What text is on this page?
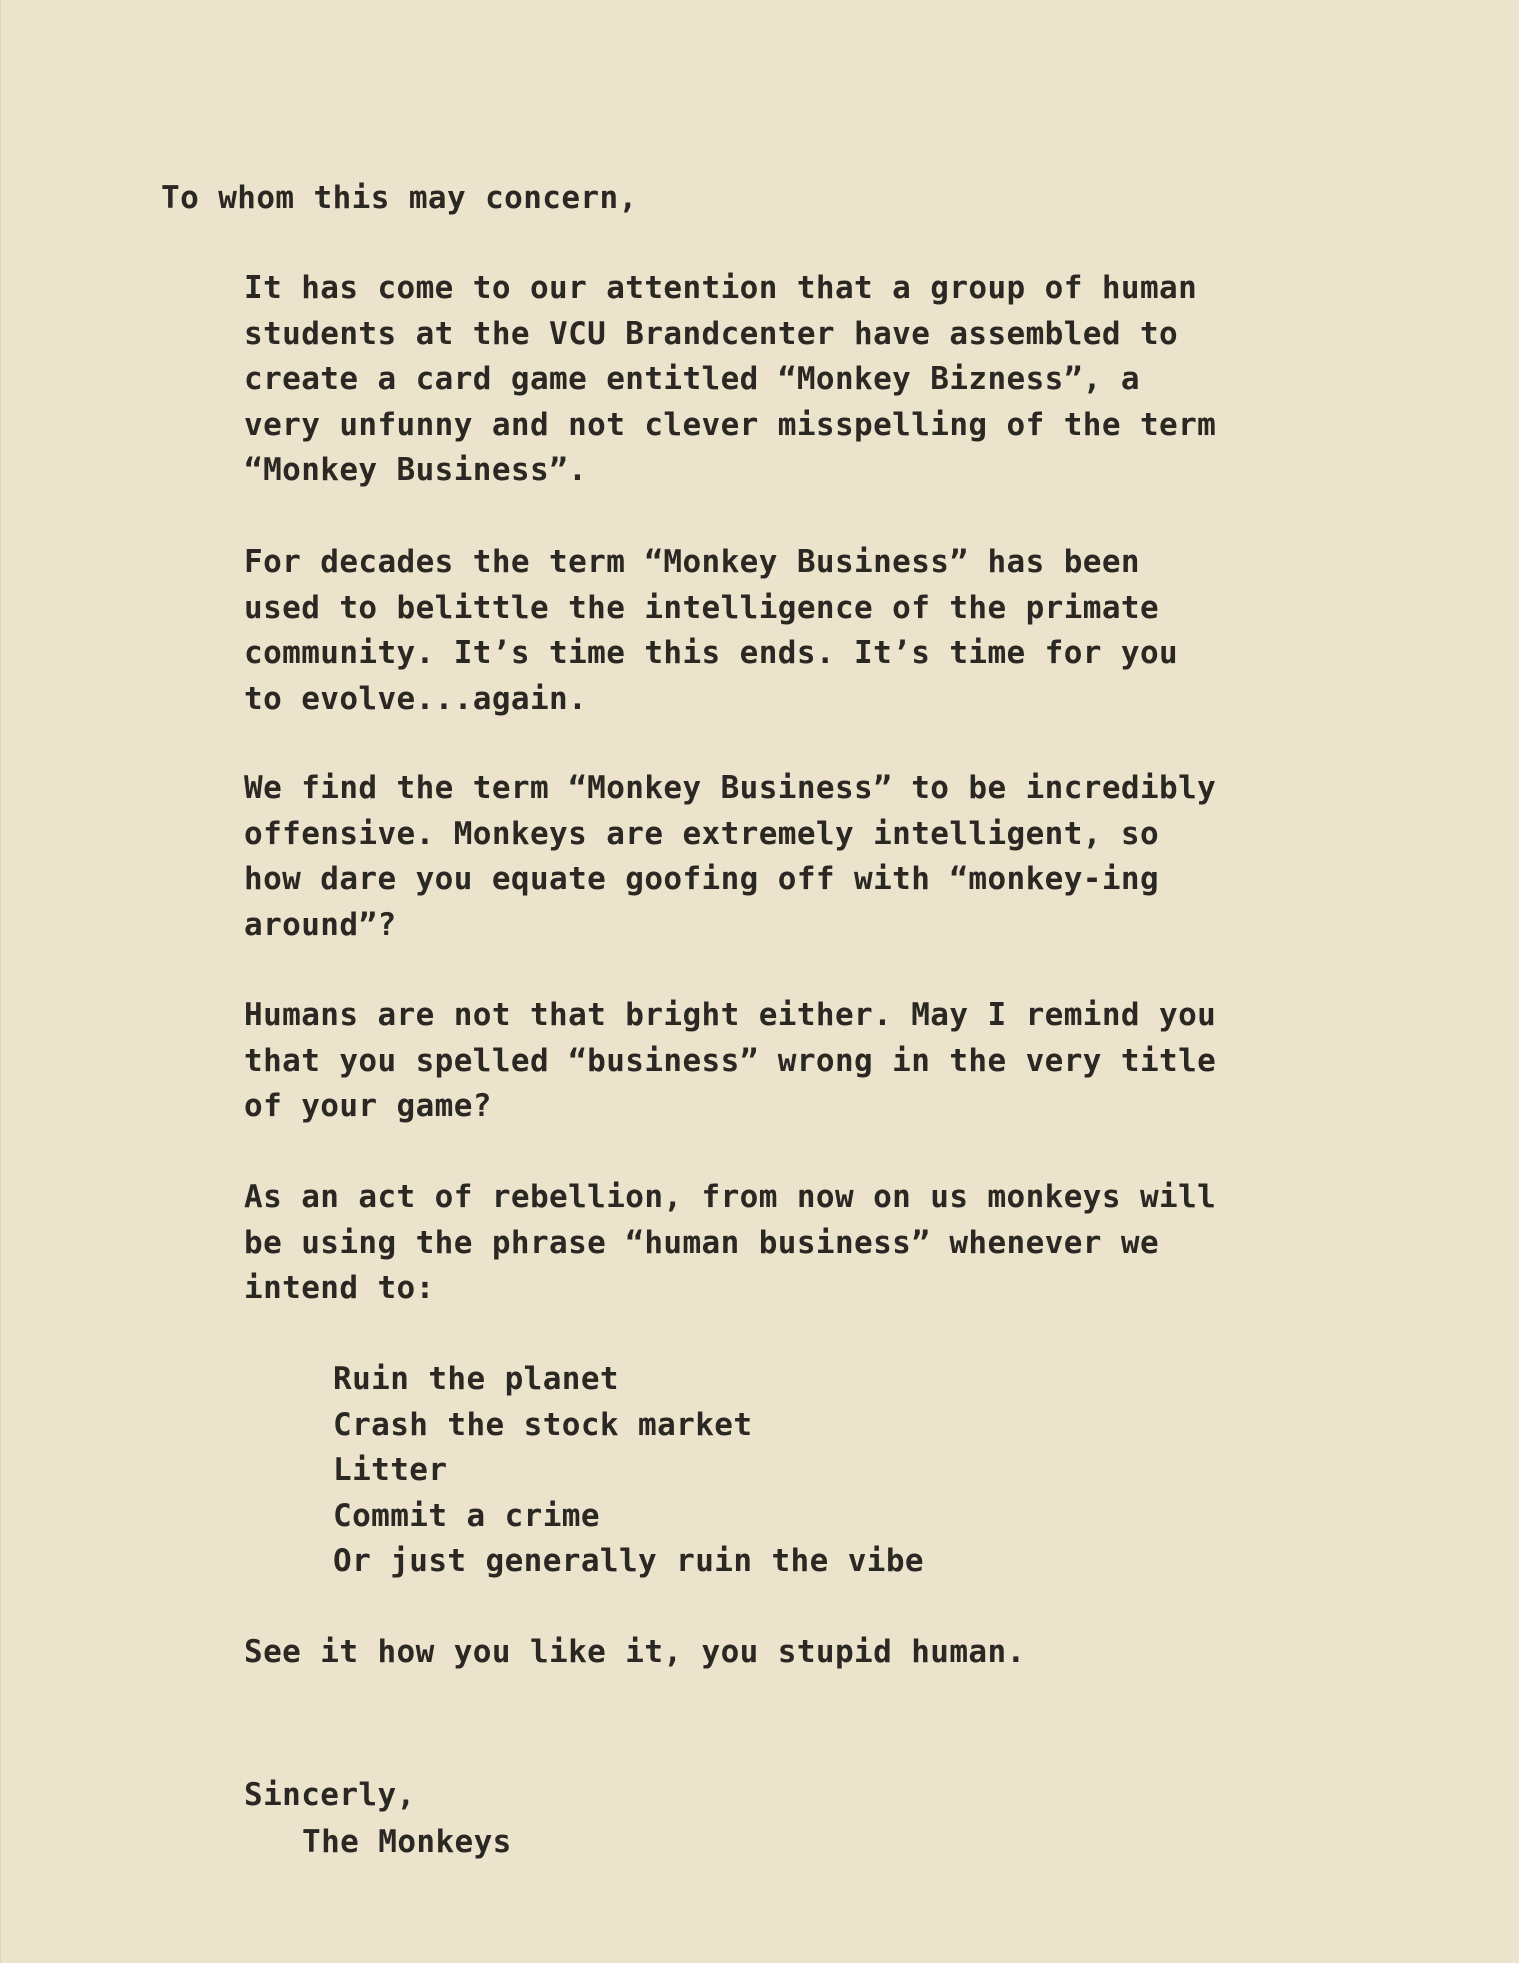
To whom this may concern,

It has come to our attention that a group of human
students at the VCU Brandcenter have assembled to
create a card game entitled “Monkey Bizness”, a
very unfunny and not clever misspelling of the term
“Monkey Business”.

For decades the term “Monkey Business” has been
used to belittle the intelligence of the primate
community. It’s time this ends. It’s time for you
to evolve...again.

We find the term “Monkey Business” to be incredibly
offensive. Monkeys are extremely intelligent, so
how dare you equate goofing off with “monkey-ing
around”?

Humans are not that bright either. May I remind you
that you spelled “business” wrong in the very title
of your game?

As an act of rebellion, from now on us monkeys will
be using the phrase “human business” whenever we
intend to:

Ruin the planet
Crash the stock market
Litter
Commit a crime
Or just generally ruin the vibe

See it how you like it, you stupid human.

Sincerly,

The Monkeys
